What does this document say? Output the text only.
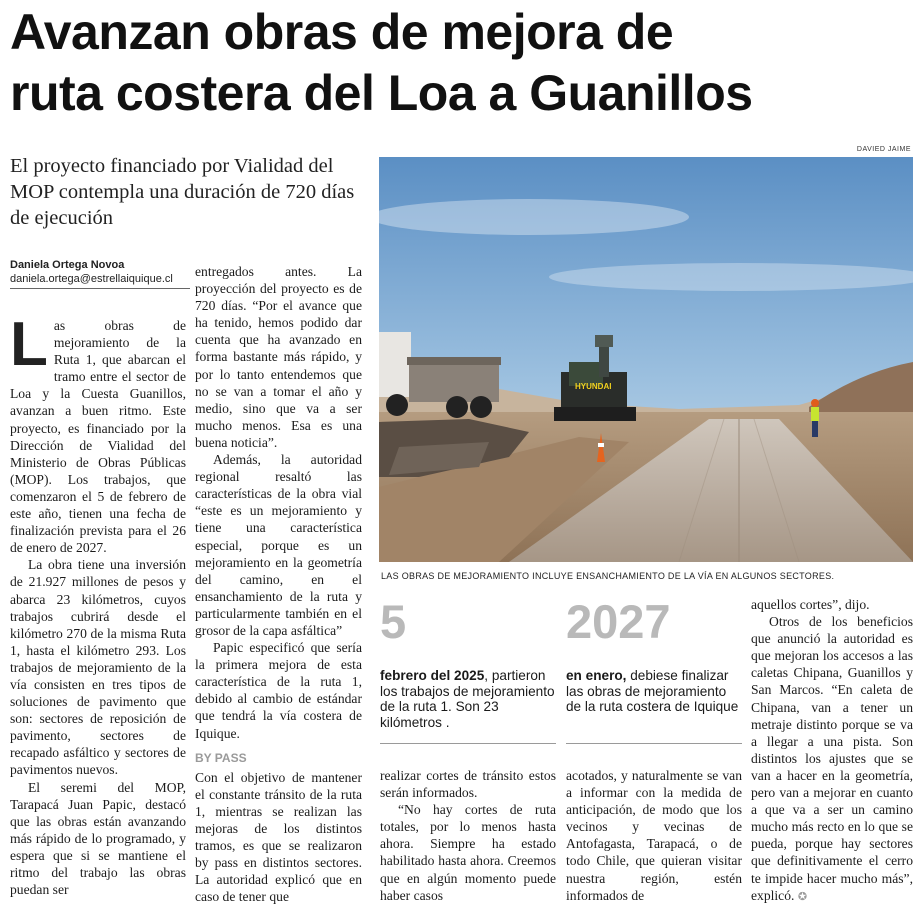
Avanzan obras de mejora de
ruta costera del Loa a Guanillos
El proyecto financiado por Vialidad del MOP contempla una duración de 720 días de ejecución
Daniela Ortega Novoa
daniela.ortega@estrellaiquique.cl

Las obras de mejoramiento de la Ruta 1, que abarcan el tramo entre el sector de Loa y la Cuesta Guanillos, avanzan a buen ritmo. Este proyecto, es financiado por la Dirección de Vialidad del Ministerio de Obras Públicas (MOP). Los trabajos, que comenzaron el 5 de febrero de este año, tienen una fecha de finalización prevista para el 26 de enero de 2027.

La obra tiene una inversión de 21.927 millones de pesos y abarca 23 kilómetros, cuyos trabajos cubrirá desde el kilómetro 270 de la misma Ruta 1, hasta el kilómetro 293. Los trabajos de mejoramiento de la vía consisten en tres tipos de soluciones de pavimento que son: sectores de reposición de pavimento, sectores de recapado asfáltico y sectores de pavimentos nuevos.

El seremi del MOP, Tarapacá Juan Papic, destacó que las obras están avanzando más rápido de lo programado, y espera que si se mantiene el ritmo del trabajo las obras puedan ser

entregados antes. La proyección del proyecto es de 720 días. “Por el avance que ha tenido, hemos podido dar cuenta que ha avanzado en forma bastante más rápido, y por lo tanto entendemos que no se van a tomar el año y medio, sino que va a ser mucho menos. Esa es una buena noticia”.

Además, la autoridad regional resaltó las características de la obra vial “este es un mejoramiento y tiene una característica especial, porque es un mejoramiento en la geometría del camino, en el ensanchamiento de la ruta y particularmente también en el grosor de la capa asfáltica”

Papic especificó que sería la primera mejora de esta característica de la ruta 1, debido al cambio de estándar que tendrá la vía costera de Iquique.

BY PASS

Con el objetivo de mantener el constante tránsito de la ruta 1, mientras se realizan las mejoras de los distintos tramos, es que se realizaron by pass en distintos sectores. La autoridad explicó que en caso de tener que

DAVIED JAIME
HYUNDAI
LAS OBRAS DE MEJORAMIENTO INCLUYE ENSANCHAMIENTO DE LA VÍA EN ALGUNOS SECTORES.
5
febrero del 2025, partieron los trabajos de mejoramiento de la ruta 1. Son 23 kilómetros .
2027
en enero, debiese finalizar las obras de mejoramiento de la ruta costera de Iquique

realizar cortes de tránsito estos serán informados.

“No hay cortes de ruta totales, por lo menos hasta ahora. Siempre ha estado habilitado hasta ahora. Creemos que en algún momento puede haber casos

acotados, y naturalmente se van a informar con la medida de anticipación, de modo que los vecinos y vecinas de Antofagasta, Tarapacá, o de todo Chile, que quieran visitar nuestra región, estén informados de

aquellos cortes”, dijo.

Otros de los beneficios que anunció la autoridad es que mejoran los accesos a las caletas Chipana, Guanillos y San Marcos. “En caleta de Chipana, van a tener un metraje distinto porque se va a llegar a una pista. Son distintos los ajustes que se van a hacer en la geometría, pero van a mejorar en cuanto a que va a ser un camino mucho más recto en lo que se pueda, porque hay sectores que definitivamente el cerro te impide hacer mucho más”, explicó. ✪
